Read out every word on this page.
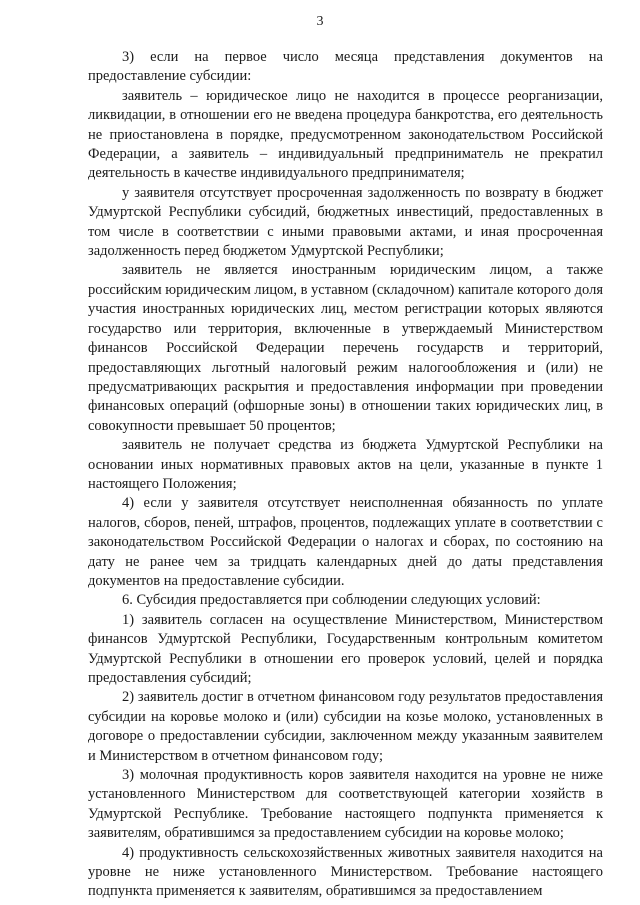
3

3) если на первое число месяца представления документов на предоставление субсидии:

заявитель – юридическое лицо не находится в процессе реорганизации, ликвидации, в отношении его не введена процедура банкротства, его деятельность не приостановлена в порядке, предусмотренном законодательством Российской Федерации, а заявитель – индивидуальный предприниматель не прекратил деятельность в качестве индивидуального предпринимателя;

у заявителя отсутствует просроченная задолженность по возврату в бюджет Удмуртской Республики субсидий, бюджетных инвестиций, предоставленных в том числе в соответствии с иными правовыми актами, и иная просроченная задолженность перед бюджетом Удмуртской Республики;

заявитель не является иностранным юридическим лицом, а также российским юридическим лицом, в уставном (складочном) капитале которого доля участия иностранных юридических лиц, местом регистрации которых являются государство или территория, включенные в утверждаемый Министерством финансов Российской Федерации перечень государств и территорий, предоставляющих льготный налоговый режим налогообложения и (или) не предусматривающих раскрытия и предоставления информации при проведении финансовых операций (офшорные зоны) в отношении таких юридических лиц, в совокупности превышает 50 процентов;

заявитель не получает средства из бюджета Удмуртской Республики на основании иных нормативных правовых актов на цели, указанные в пункте 1 настоящего Положения;

4) если у заявителя отсутствует неисполненная обязанность по уплате налогов, сборов, пеней, штрафов, процентов, подлежащих уплате в соответствии с законодательством Российской Федерации о налогах и сборах, по состоянию на дату не ранее чем за тридцать календарных дней до даты представления документов на предоставление субсидии.

6. Субсидия предоставляется при соблюдении следующих условий:

1) заявитель согласен на осуществление Министерством, Министерством финансов Удмуртской Республики, Государственным контрольным комитетом Удмуртской Республики в отношении его проверок условий, целей и порядка предоставления субсидий;

2) заявитель достиг в отчетном финансовом году результатов предоставления субсидии на коровье молоко и (или) субсидии на козье молоко, установленных в договоре о предоставлении субсидии, заключенном между указанным заявителем и Министерством в отчетном финансовом году;

3) молочная продуктивность коров заявителя находится на уровне не ниже установленного Министерством для соответствующей категории хозяйств в Удмуртской Республике. Требование настоящего подпункта применяется к заявителям, обратившимся за предоставлением субсидии на коровье молоко;

4) продуктивность сельскохозяйственных животных заявителя находится на уровне не ниже установленного Министерством. Требование настоящего подпункта применяется к заявителям, обратившимся за предоставлением
